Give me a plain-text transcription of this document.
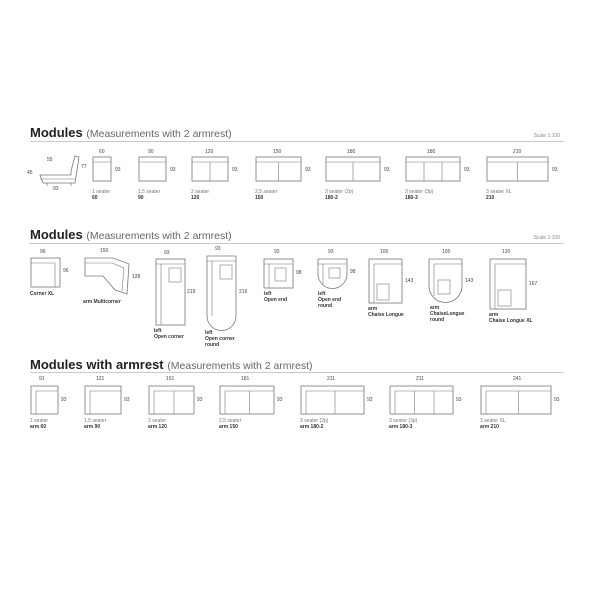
Modules (Measurements with 2 armrest)	Scale 1:100
55
45
77
93
60
93
1 seater
60
90
93
1,5 seater
90
120
93
2 seater
120
150
93
2,5 seater
150
180
93
3 seater (2p)
180-2
180
93
3 seater (3p)
180-3
210
93
3 seater XL
210
Modules (Measurements with 2 armrest)	Scale 1:100
96
96
Corner XL
150
128
arm Multicorner
93
219
left
Open corner
93
219
left
Open corner
round
93
98
left
Open end
93
98
left
Open end
round
105
143
arm
Chaise Longue
105
143
arm
ChaiseLongue
round
120
167
arm
Chaise Longue XL
Modules with armrest (Measurements with 2 armrest)
91
93
1 seater
arm 60
121
93
1,5 seater
arm 90
151
93
2 seater
arm 120
181
93
2,5 seater
arm 150
211
93
3 seater (2p)
arm 180-2
211
93
3 seater (3p)
arm 180-3
241
93
3 seater XL
arm 210
